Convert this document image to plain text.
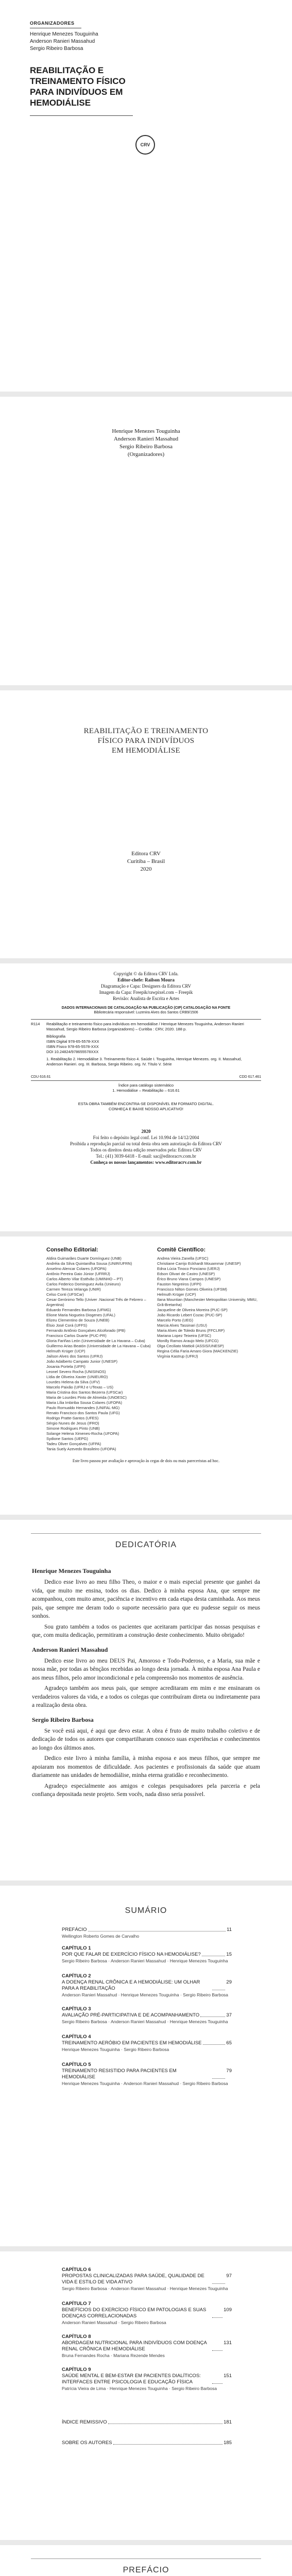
ORGANIZADORES
Henrique Menezes Touguinha
Anderson Ranieri Massahud
Sergio Ribeiro Barbosa
REABILITAÇÃO E
TREINAMENTO FÍSICO
PARA INDIVÍDUOS EM
HEMODIÁLISE
CRV
Henrique Menezes Touguinha
Anderson Ranieri Massahud
Sergio Ribeiro Barbosa
(Organizadores)
REABILITAÇÃO E TREINAMENTO
FÍSICO PARA INDIVÍDUOS
EM HEMODIÁLISE
Editora CRV
Curitiba – Brasil
2020
Copyright © da Editora CRV Ltda.
Editor-chefe: Railson Moura
Diagramação e Capa: Designers da Editora CRV
Imagem da Capa: Freepik/rawpixel.com – Freepik
Revisão: Analista de Escrita e Artes
DADOS INTERNACIONAIS DE CATALOGAÇÃO NA PUBLICAÇÃO (CIP) CATALOGAÇÃO NA FONTE
Bibliotecária responsável: Luzenira Alves dos Santos CRB9/1506
R114 Reabilitação e treinamento físico para indivíduos em hemodiálise / Henrique Menezes Touguinha, Anderson Ranieri Massahud, Sergio Ribeiro Barbosa (organizadores) – Curitiba : CRV, 2020. 188 p.
Bibliografia
ISBN Digital 978-65-5578-XXX
ISBN Físico 978-65-5578-XXX
DOI 10.24824/978655578XXX
1. Reabilitação 2. Hemodiálise 3. Treinamento físico 4. Saúde I. Touguinha, Henrique Menezes. org. II. Massahud, Anderson Ranieri. org. III. Barbosa, Sergio Ribeiro. org. IV. Título V. Série
CDU 616.61	CDD 617.461
Índice para catálogo sistemático
1. Hemodiálise – Reabilitação – 616.61
ESTA OBRA TAMBÉM ENCONTRA-SE DISPONÍVEL EM FORMATO DIGITAL. CONHEÇA E BAIXE NOSSO APLICATIVO!
2020
Foi feito o depósito legal conf. Lei 10.994 de 14/12/2004
Proibida a reprodução parcial ou total desta obra sem autorização da Editora CRV
Todos os direitos desta edição reservados pela: Editora CRV
Tel.: (41) 3039-6418 - E-mail: sac@editoracrv.com.br
Conheça os nossos lançamentos: www.editoracrv.com.br
Conselho Editorial:	Comitê Científico:
Aldira Guimarães Duarte Domínguez (UNB)
Andréia da Silva Quintanilha Sousa (UNIR/UFRN)
Anselmo Alencar Colares (UFOPA)
Antônio Pereira Gaio Júnior (UFRRJ)
Carlos Alberto Vilar Estêvão (UMINHO – PT)
Carlos Federico Dominguez Avila (Unieuro)
Carmen Tereza Velanga (UNIR)
Celso Conti (UFSCar)
Cesar Gerónimo Tello (Univer .Nacional Três de Febrero – Argentina)
Eduardo Fernandes Barbosa (UFMG)
Elione Maria Nogueira Diogenes (UFAL)
Elizeu Clementino de Souza (UNEB)
Élsio José Corá (UFFS)
Fernando Antônio Gonçalves Alcoforado (IPB)
Francisco Carlos Duarte (PUC-PR)
Gloria Fariñas León (Universidade de La Havana – Cuba)
Guillermo Arias Beatón (Universidade de La Havana – Cuba)
Helmuth Krüger (UCP)
Jailson Alves dos Santos (UFRJ)
João Adalberto Campato Junior (UNESP)
Josania Portela (UFPI)
Leonel Severo Rocha (UNISINOS)
Lídia de Oliveira Xavier (UNIEURO)
Lourdes Helena da Silva (UFV)
Marcelo Paixão (UFRJ e UTexas – US)
Maria Cristina dos Santos Bezerra (UFSCar)
Maria de Lourdes Pinto de Almeida (UNOESC)
Maria Lília Imbiriba Sousa Colares (UFOPA)
Paulo Romualdo Hernandes (UNIFAL-MG)
Renato Francisco dos Santos Paula (UFG)
Rodrigo Pratte-Santos (UFES)
Sérgio Nunes de Jesus (IFRO)
Simone Rodrigues Pinto (UNB)
Solange Helena Ximenes-Rocha (UFOPA)
Sydione Santos (UEPG)
Tadeu Oliver Gonçalves (UFPA)
Tania Suely Azevedo Brasileiro (UFOPA)
Andrea Vieira Zanella (UFSC)
Christiane Carrijo Eckhardt Mouammar (UNESP)
Edna Lúcia Tinoco Ponciano (UERJ)
Edson Olivari de Castro (UNESP)
Érico Bruno Viana Campos (UNESP)
Fauston Negreiros (UFPI)
Francisco Nilton Gomes Oliveira (UFSM)
Helmuth Krüger (UCP)
Ilana Mountian (Manchester Metropolitan University, MMU, Grã-Bretanha)
Jacqueline de Oliveira Moreira (PUC-SP)
João Ricardo Lebert Cozac (PUC-SP)
Marcelo Porto (UEG)
Marcia Alves Tassinari (USU)
Maria Alves de Toledo Bruns (FFCLRP)
Mariana Lopez Teixeira (UFSC)
Monilly Ramos Araujo Melo (UFCG)
Olga Ceciliato Mattioli (ASSIS/UNESP)
Regina Célia Faria Amaro Giora (MACKENZIE)
Virgínia Kastrup (UFRJ)
Este livro passou por avaliação e aprovação às cegas de dois ou mais pareceristas ad hoc.
DEDICATÓRIA
Henrique Menezes Touguinha

Dedico esse livro ao meu filho Theo, o maior e o mais especial presente que ganhei da vida, que muito me ensina, todos os dias. Dedico à minha esposa Ana, que sempre me acompanhou, com muito amor, paciência e incentivo em cada etapa desta caminhada. Aos meus pais, que sempre me deram todo o suporte necessário para que eu pudesse seguir os meus sonhos.

Sou grato também a todos os pacientes que aceitaram participar das nossas pesquisas e que, com muita dedicação, permitiram a construção deste conhecimento. Muito obrigado!

Anderson Ranieri Massahud

Dedico esse livro ao meu DEUS Pai, Amoroso e Todo-Poderoso, e a Maria, sua mãe e nossa mãe, por todas as bênçãos recebidas ao longo desta jornada. À minha esposa Ana Paula e aos meus filhos, pelo amor incondicional e pela compreensão nos momentos de ausência.

Agradeço também aos meus pais, que sempre acreditaram em mim e me ensinaram os verdadeiros valores da vida, e a todos os colegas que contribuíram direta ou indiretamente para a realização desta obra.

Sergio Ribeiro Barbosa

Se você está aqui, é aqui que devo estar. A obra é fruto de muito trabalho coletivo e de dedicação de todos os autores que compartilharam conosco suas experiências e conhecimentos ao longo dos últimos anos.

Dedico este livro à minha família, à minha esposa e aos meus filhos, que sempre me apoiaram nos momentos de dificuldade. Aos pacientes e profissionais da saúde que atuam diariamente nas unidades de hemodiálise, minha eterna gratidão e reconhecimento.

Agradeço especialmente aos amigos e colegas pesquisadores pela parceria e pela confiança depositada neste projeto. Sem vocês, nada disso seria possível.

SUMÁRIO
PREFÁCIO	11
Wellington Roberto Gomes de Carvalho
CAPÍTULO 1
POR QUE FALAR DE EXERCÍCIO FÍSICO NA HEMODIÁLISE?	15
Sergio Ribeiro Barbosa · Anderson Ranieri Massahud · Henrique Menezes Touguinha
CAPÍTULO 2
A DOENÇA RENAL CRÔNICA E A HEMODIÁLISE: UM OLHAR PARA A REABILITAÇÃO
29
Anderson Ranieri Massahud · Henrique Menezes Touguinha · Sergio Ribeiro Barbosa
CAPÍTULO 3
AVALIAÇÃO PRÉ-PARTICIPATIVA E DE ACOMPANHAMENTO	37
Sergio Ribeiro Barbosa · Anderson Ranieri Massahud · Henrique Menezes Touguinha
CAPÍTULO 4
TREINAMENTO AERÓBIO EM PACIENTES EM HEMODIÁLISE	65
Henrique Menezes Touguinha · Sergio Ribeiro Barbosa
CAPÍTULO 5
TREINAMENTO RESISTIDO PARA PACIENTES EM HEMODIÁLISE
79
Henrique Menezes Touguinha · Anderson Ranieri Massahud · Sergio Ribeiro Barbosa
CAPÍTULO 6
PROPOSTAS CLINICALIZADAS PARA SAÚDE, QUALIDADE DE VIDA E ESTILO DE VIDA ATIVO
97
Sergio Ribeiro Barbosa · Anderson Ranieri Massahud · Henrique Menezes Touguinha
CAPÍTULO 7
BENEFÍCIOS DO EXERCÍCIO FÍSICO EM PATOLOGIAS E SUAS DOENÇAS CORRELACIONADAS
109
Anderson Ranieri Massahud · Sergio Ribeiro Barbosa
CAPÍTULO 8
ABORDAGEM NUTRICIONAL PARA INDIVÍDUOS COM DOENÇA RENAL CRÔNICA EM HEMODIÁLISE
131
Bruna Fernandes Rocha · Mariana Rezende Mendes
CAPÍTULO 9
SAÚDE MENTAL E BEM-ESTAR EM PACIENTES DIALÍTICOS: INTERFACES ENTRE PSICOLOGIA E EDUCAÇÃO FÍSICA
151
Patrícia Vieira de Lima · Henrique Menezes Touguinha · Sergio Ribeiro Barbosa
ÍNDICE REMISSIVO	181
SOBRE OS AUTORES	185
PREFÁCIO
